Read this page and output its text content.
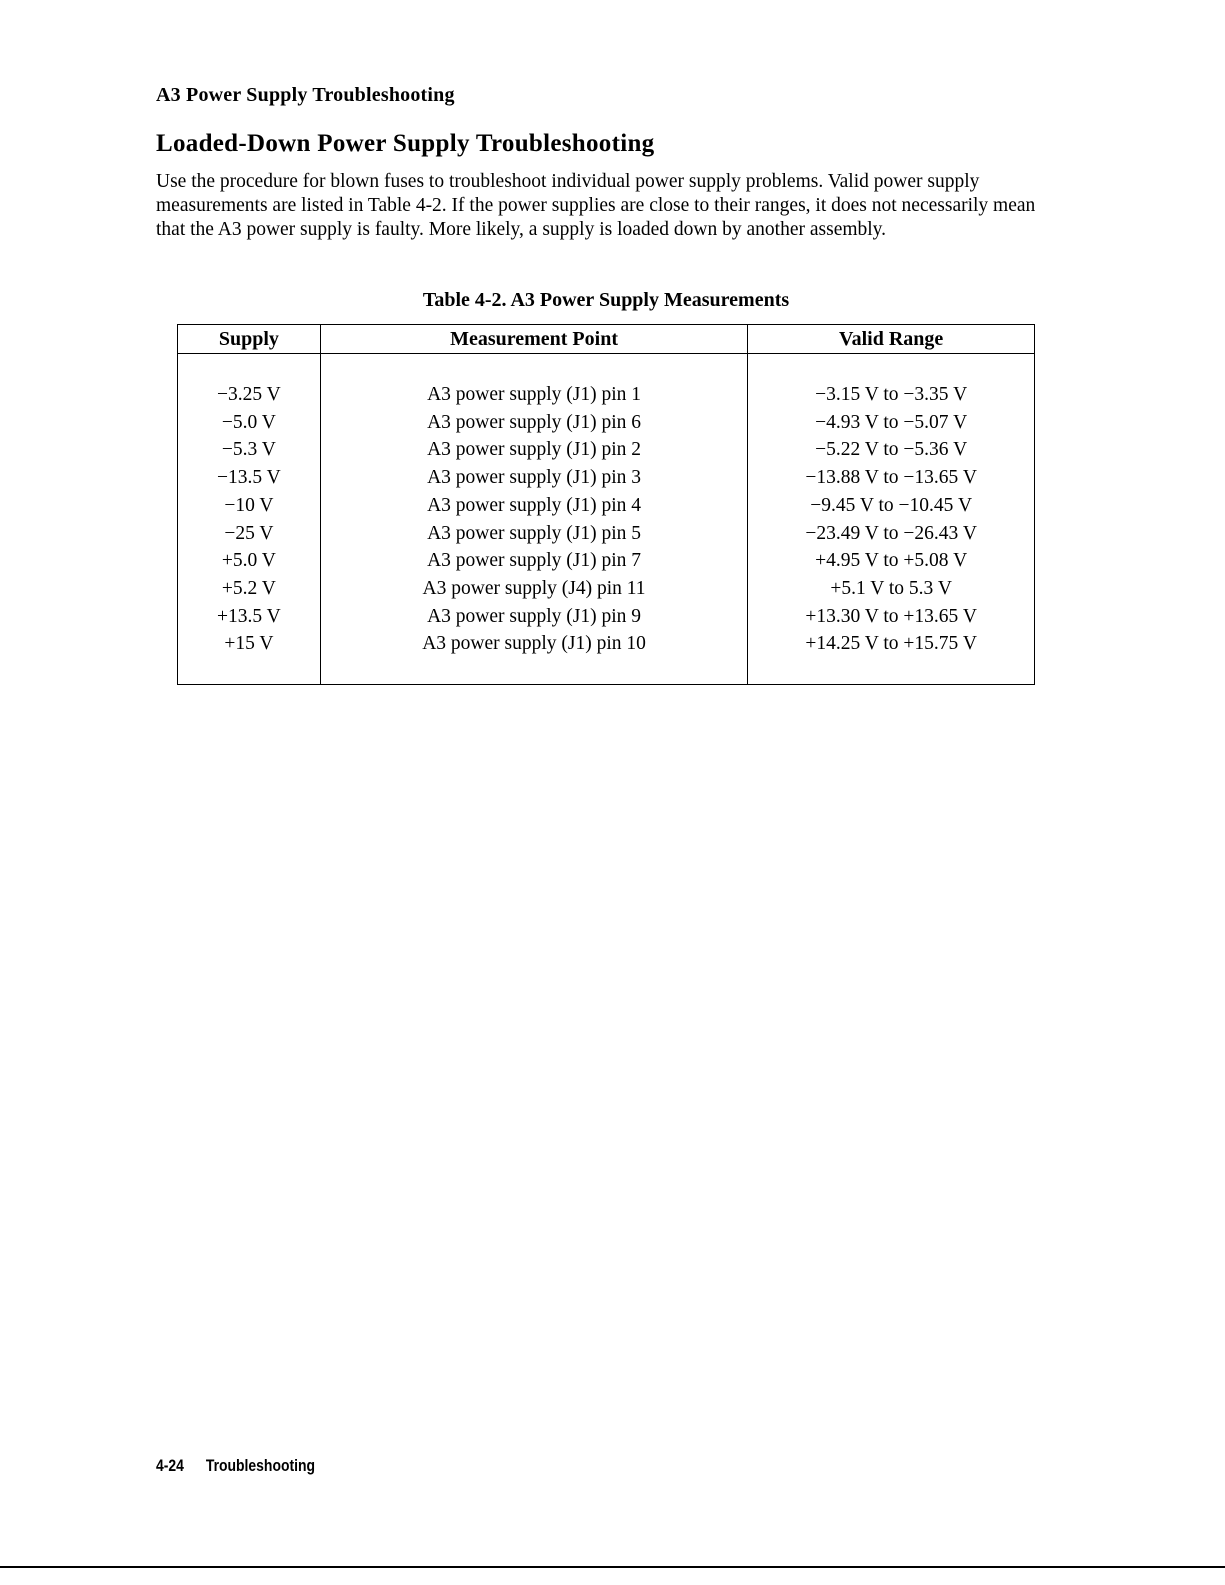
A3 Power Supply Troubleshooting
Loaded-Down Power Supply Troubleshooting

Use the procedure for blown fuses to troubleshoot individual power supply problems. Valid power supply measurements are listed in Table 4-2. If the power supplies are close to their ranges, it does not necessarily mean that the A3 power supply is faulty. More likely, a supply is loaded down by another assembly.

Table 4-2. A3 Power Supply Measurements
Supply	Measurement Point	Valid Range

−3.25 V	A3 power supply (J1) pin 1	−3.15 V to −3.35 V
−5.0 V	A3 power supply (J1) pin 6	−4.93 V to −5.07 V
−5.3 V	A3 power supply (J1) pin 2	−5.22 V to −5.36 V
−13.5 V	A3 power supply (J1) pin 3	−13.88 V to −13.65 V
−10 V	A3 power supply (J1) pin 4	−9.45 V to −10.45 V
−25 V	A3 power supply (J1) pin 5	−23.49 V to −26.43 V
+5.0 V	A3 power supply (J1) pin 7	+4.95 V to +5.08 V
+5.2 V	A3 power supply (J4) pin 11	+5.1 V to 5.3 V
+13.5 V	A3 power supply (J1) pin 9	+13.30 V to +13.65 V
+15 V	A3 power supply (J1) pin 10	+14.25 V to +15.75 V

4-24 Troubleshooting
